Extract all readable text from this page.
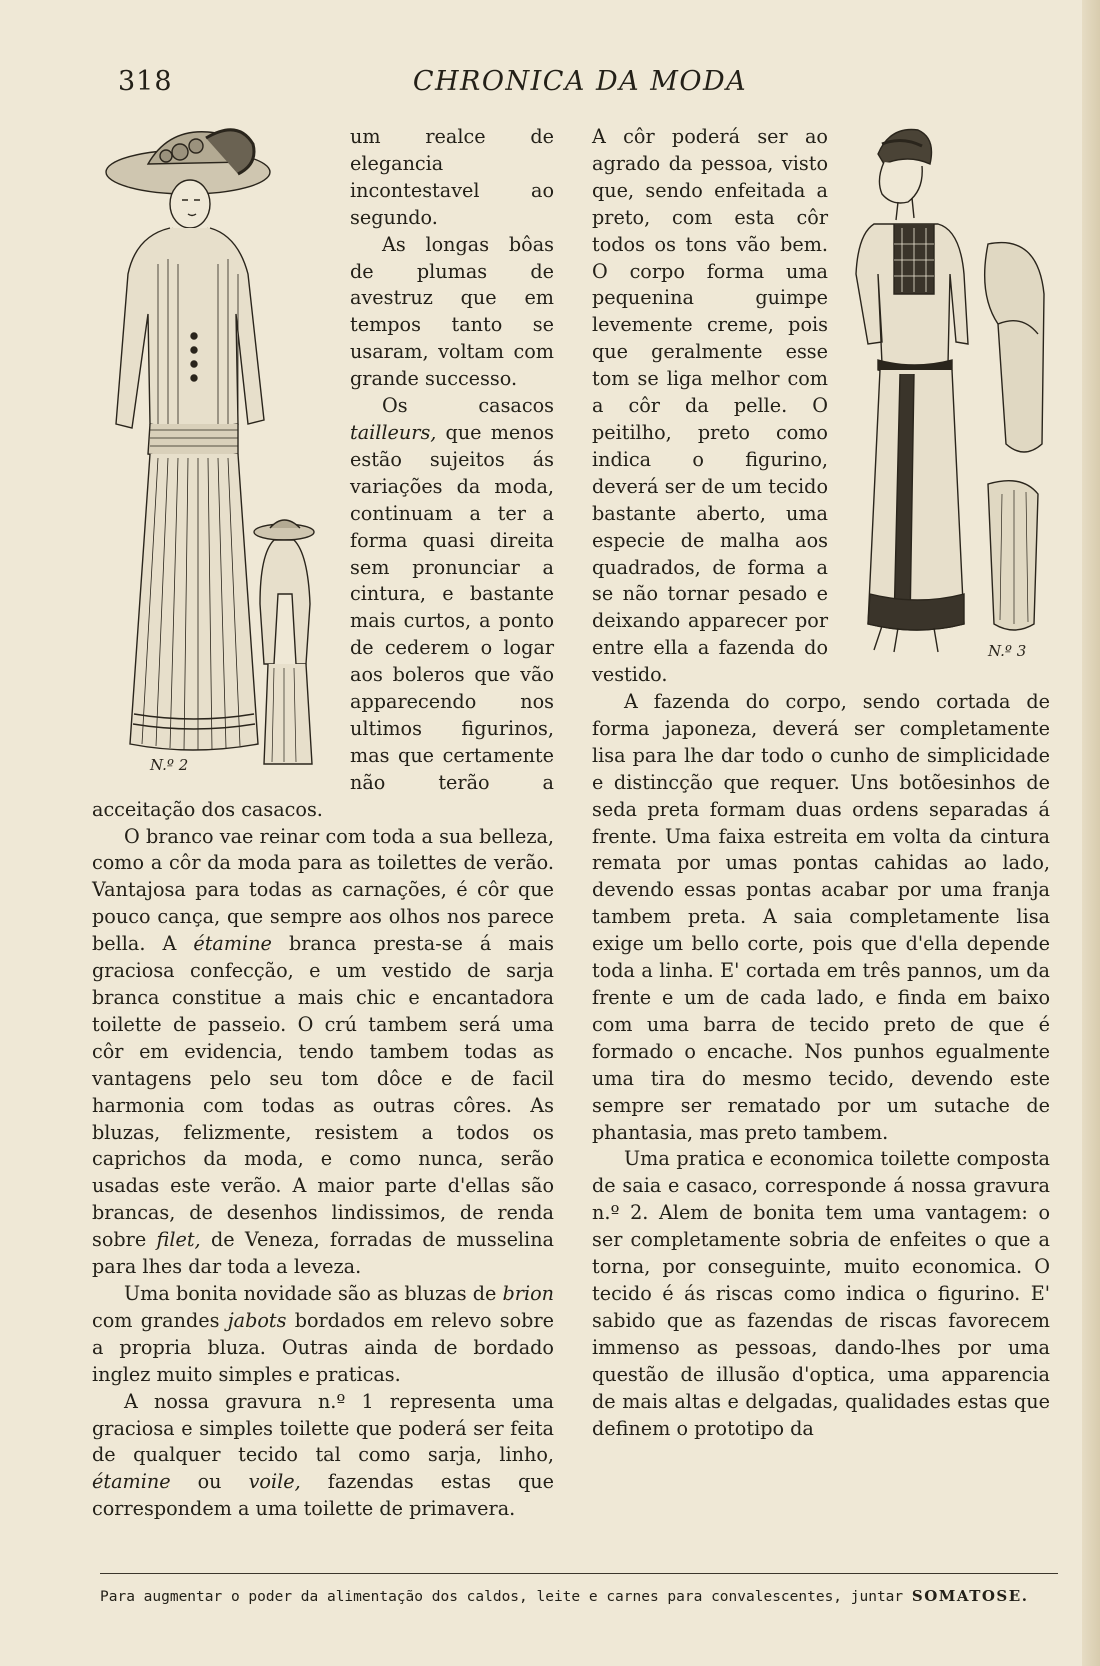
318	CHRONICA DA MODA
N.º 2

um realce de elegancia incontestavel ao segundo.

As longas bôas de plumas de avestruz que em tempos tanto se usaram, voltam com grande successo.

Os casacos tailleurs, que menos estão sujeitos ás variações da moda, continuam a ter a forma quasi direita sem pronunciar a cintura, e bastante mais curtos, a ponto de cederem o logar aos boleros que vão apparecendo nos ultimos figurinos, mas que certamente não terão a acceitação dos casacos.

O branco vae reinar com toda a sua belleza, como a côr da moda para as toilettes de verão. Vantajosa para todas as carnações, é côr que pouco cança, que sempre aos olhos nos parece bella. A étamine branca presta-se á mais graciosa confecção, e um vestido de sarja branca constitue a mais chic e encantadora toilette de passeio. O crú tambem será uma côr em evidencia, tendo tambem todas as vantagens pelo seu tom dôce e de facil harmonia com todas as outras côres. As bluzas, felizmente, resistem a todos os caprichos da moda, e como nunca, serão usadas este verão. A maior parte d'ellas são brancas, de desenhos lindissimos, de renda sobre filet, de Veneza, forradas de musselina para lhes dar toda a leveza.

Uma bonita novidade são as bluzas de brion com grandes jabots bordados em relevo sobre a propria bluza. Outras ainda de bordado inglez muito simples e praticas.

A nossa gravura n.º 1 representa uma graciosa e simples toilette que poderá ser feita de qualquer tecido tal como sarja, linho, étamine ou voile, fazendas estas que correspondem a uma toilette de primavera.

N.º 3

A côr poderá ser ao agrado da pessoa, visto que, sendo enfeitada a preto, com esta côr todos os tons vão bem. O corpo forma uma pequenina guimpe levemente creme, pois que geralmente esse tom se liga melhor com a côr da pelle. O peitilho, preto como indica o figurino, deverá ser de um tecido bastante aberto, uma especie de malha aos quadrados, de forma a se não tornar pesado e deixando apparecer por entre ella a fazenda do vestido.

A fazenda do corpo, sendo cortada de forma japoneza, deverá ser completamente lisa para lhe dar todo o cunho de simplicidade e distincção que requer. Uns botõesinhos de seda preta formam duas ordens separadas á frente. Uma faixa estreita em volta da cintura remata por umas pontas cahidas ao lado, devendo essas pontas acabar por uma franja tambem preta. A saia completamente lisa exige um bello corte, pois que d'ella depende toda a linha. E' cortada em três pannos, um da frente e um de cada lado, e finda em baixo com uma barra de tecido preto de que é formado o encache. Nos punhos egualmente uma tira do mesmo tecido, devendo este sempre ser rematado por um sutache de phantasia, mas preto tambem.

Uma pratica e economica toilette composta de saia e casaco, corresponde á nossa gravura n.º 2. Alem de bonita tem uma vantagem: o ser completamente sobria de enfeites o que a torna, por conseguinte, muito economica. O tecido é ás riscas como indica o figurino. E' sabido que as fazendas de riscas favorecem immenso as pessoas, dando-lhes por uma questão de illusão d'optica, uma apparencia de mais altas e delgadas, qualidades estas que definem o prototipo da

Para augmentar o poder da alimentação dos caldos, leite e carnes para convalescentes, juntar SOMATOSE.
